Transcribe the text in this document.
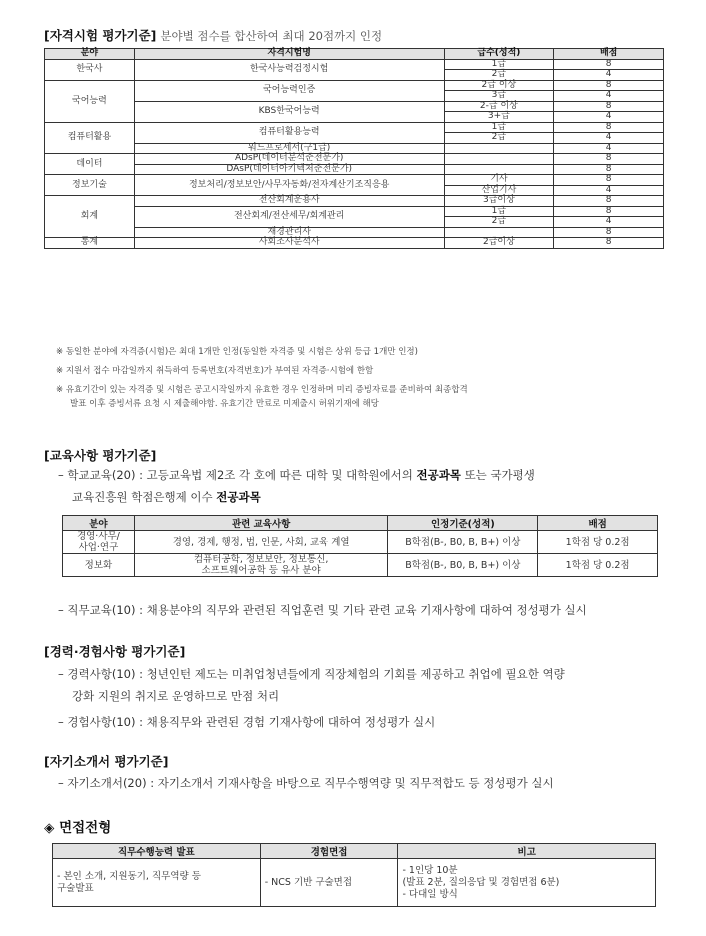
[자격시험 평가기준] 분야별 점수를 합산하여 최대 20점까지 인정
분야	자격시험명	급수(성적)	배점
한국사	한국사능력검정시험	1급	8
		2급	4
국어능력	국어능력인증	2급 이상	8
		3급	4
	KBS한국어능력	2-급 이상	8
		3+급	4
컴퓨터활용	컴퓨터활용능력	1급	8
		2급	4
	워드프로세서(구1급)		4
데이터	ADsP(데이터분석준전문가)		8
	DAsP(데이터아키텍처준전문가)		8
정보기술	정보처리/정보보안/사무자동화/전자계산기조직응용	기사	8
		산업기사	4
회계	전산회계운용사	3급이상	8
	전산회계/전산세무/회계관리	1급	8
		2급	4
	재경관리사		8
통계	사회조사분석사	2급이상	8
※ 동일한 분야에 자격증(시험)은 최대 1개만 인정(동일한 자격증 및 시험은 상위 등급 1개만 인정)
※ 지원서 접수 마감일까지 취득하여 등록번호(자격번호)가 부여된 자격증·시험에 한함
※ 유효기간이 있는 자격증 및 시험은 공고시작일까지 유효한 경우 인정하며 미리 증빙자료를 준비하여 최종합격
발표 이후 증빙서류 요청 시 제출해야함. 유효기간 만료로 미제출시 허위기재에 해당
[교육사항 평가기준]
– 학교교육(20) : 고등교육법 제2조 각 호에 따른 대학 및 대학원에서의 전공과목 또는 국가평생
교육진흥원 학점은행제 이수 전공과목
분야	관련 교육사항	인정기준(성적)	배점
경영·사무/
사업·연구	경영, 경제, 행정, 법, 인문, 사회, 교육 계열	B학점(B-, B0, B, B+) 이상	1학점 당 0.2점
정보화	컴퓨터공학, 정보보안, 정보통신,
소프트웨어공학 등 유사 분야	B학점(B-, B0, B, B+) 이상	1학점 당 0.2점
– 직무교육(10) : 채용분야의 직무와 관련된 직업훈련 및 기타 관련 교육 기재사항에 대하여 정성평가 실시
[경력·경험사항 평가기준]
– 경력사항(10) : 청년인턴 제도는 미취업청년들에게 직장체험의 기회를 제공하고 취업에 필요한 역량
강화 지원의 취지로 운영하므로 만점 처리
– 경험사항(10) : 채용직무와 관련된 경험 기재사항에 대하여 정성평가 실시
[자기소개서 평가기준]
– 자기소개서(20) : 자기소개서 기재사항을 바탕으로 직무수행역량 및 직무적합도 등 정성평가 실시
◈ 면접전형
직무수행능력 발표	경험면접	비고
- 본인 소개, 지원동기, 직무역량 등
구술발표	- NCS 기반 구술면접	- 1인당 10분
(발표 2분, 질의응답 및 경험면접 6분)
- 다대일 방식
